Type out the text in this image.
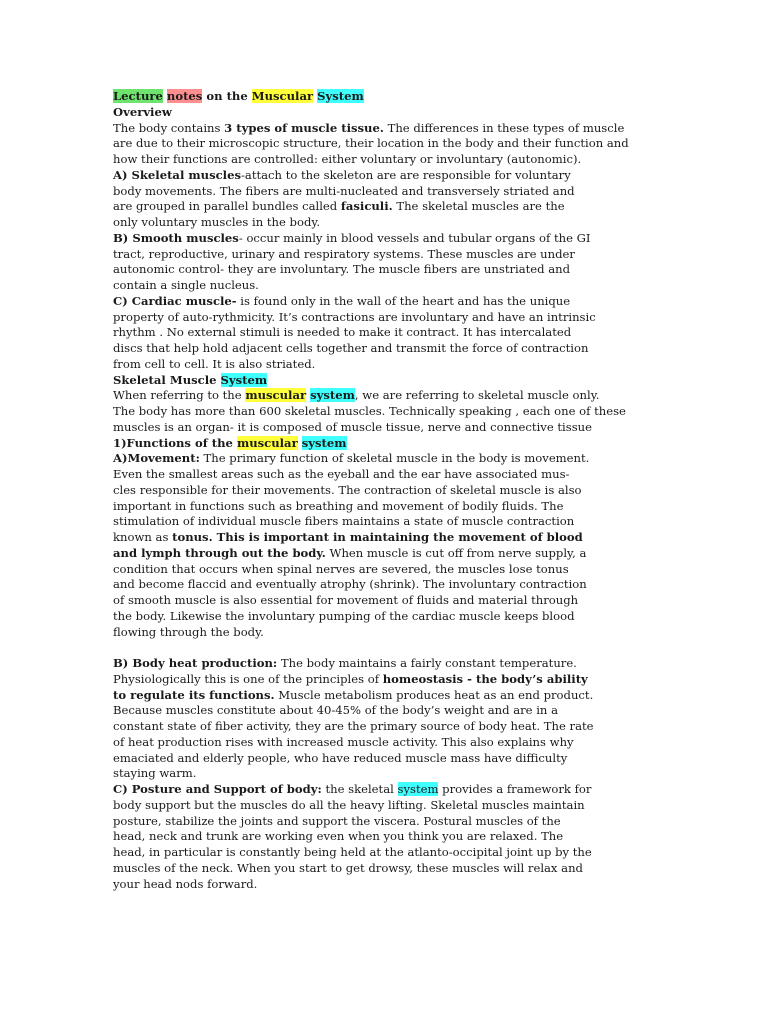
Lecture notes on the Muscular System
Overview
The body contains 3 types of muscle tissue. The differences in these types of muscle
are due to their microscopic structure, their location in the body and their function and
how their functions are controlled: either voluntary or involuntary (autonomic).
A) Skeletal muscles-attach to the skeleton are are responsible for voluntary
body movements. The fibers are multi-nucleated and transversely striated and
are grouped in parallel bundles called fasiculi. The skeletal muscles are the
only voluntary muscles in the body.
B) Smooth muscles- occur mainly in blood vessels and tubular organs of the GI
tract, reproductive, urinary and respiratory systems. These muscles are under
autonomic control- they are involuntary. The muscle fibers are unstriated and
contain a single nucleus.
C) Cardiac muscle- is found only in the wall of the heart and has the unique
property of auto-rythmicity. It’s contractions are involuntary and have an intrinsic
rhythm . No external stimuli is needed to make it contract. It has intercalated
discs that help hold adjacent cells together and transmit the force of contraction
from cell to cell. It is also striated.
Skeletal Muscle System
When referring to the muscular system, we are referring to skeletal muscle only.
The body has more than 600 skeletal muscles. Technically speaking , each one of these
muscles is an organ- it is composed of muscle tissue, nerve and connective tissue
1)Functions of the muscular system
A)Movement: The primary function of skeletal muscle in the body is movement.
Even the smallest areas such as the eyeball and the ear have associated mus-
cles responsible for their movements. The contraction of skeletal muscle is also
important in functions such as breathing and movement of bodily fluids. The
stimulation of individual muscle fibers maintains a state of muscle contraction
known as tonus. This is important in maintaining the movement of blood
and lymph through out the body. When muscle is cut off from nerve supply, a
condition that occurs when spinal nerves are severed, the muscles lose tonus
and become flaccid and eventually atrophy (shrink). The involuntary contraction
of smooth muscle is also essential for movement of fluids and material through
the body. Likewise the involuntary pumping of the cardiac muscle keeps blood
flowing through the body.
B) Body heat production: The body maintains a fairly constant temperature.
Physiologically this is one of the principles of homeostasis - the body’s ability
to regulate its functions. Muscle metabolism produces heat as an end product.
Because muscles constitute about 40-45% of the body’s weight and are in a
constant state of fiber activity, they are the primary source of body heat. The rate
of heat production rises with increased muscle activity. This also explains why
emaciated and elderly people, who have reduced muscle mass have difficulty
staying warm.
C) Posture and Support of body: the skeletal system provides a framework for
body support but the muscles do all the heavy lifting. Skeletal muscles maintain
posture, stabilize the joints and support the viscera. Postural muscles of the
head, neck and trunk are working even when you think you are relaxed. The
head, in particular is constantly being held at the atlanto-occipital joint up by the
muscles of the neck. When you start to get drowsy, these muscles will relax and
your head nods forward.
